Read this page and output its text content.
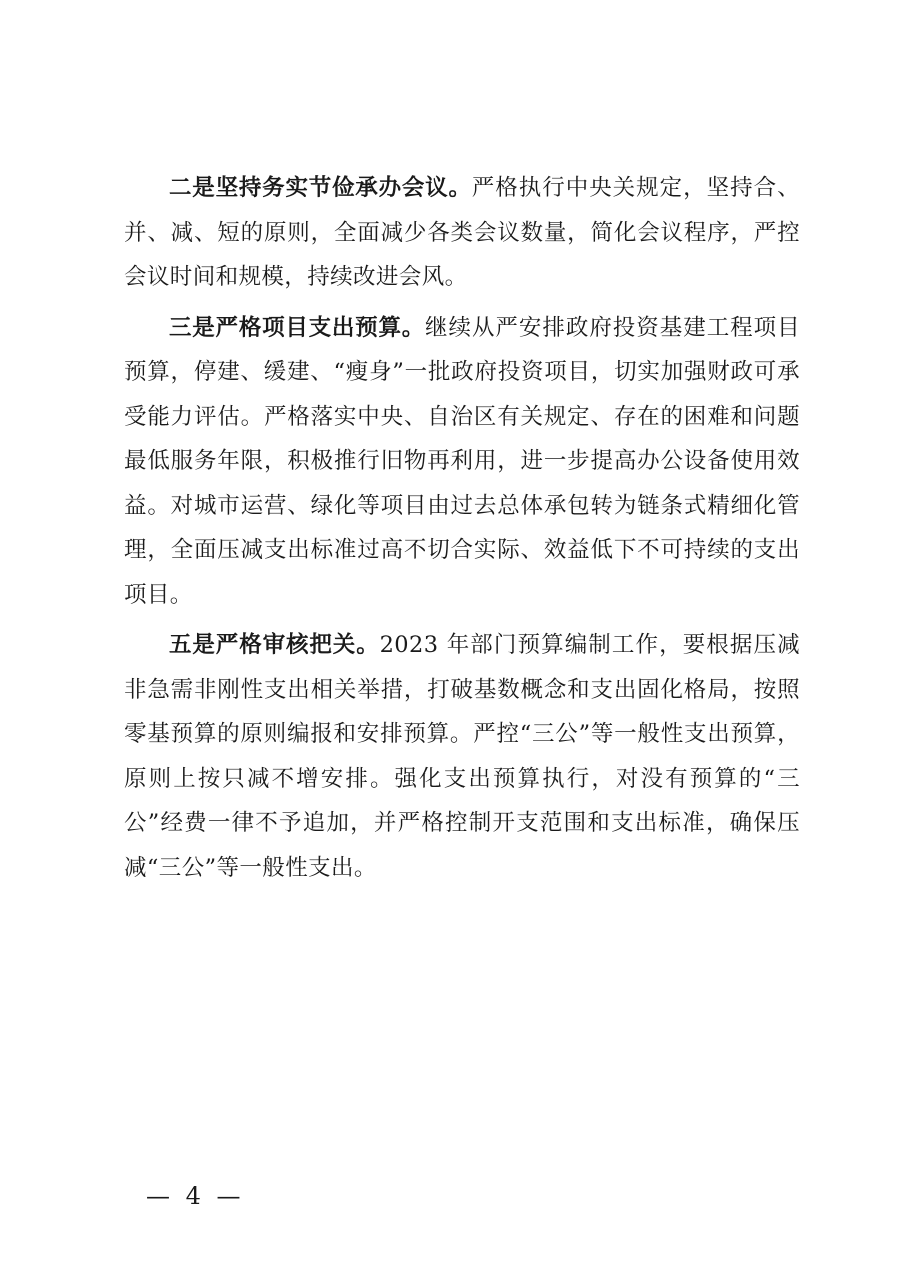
二是坚持务实节俭承办会议。严格执行中央关规定，坚持合、并、减、短的原则，全面减少各类会议数量，简化会议程序，严控会议时间和规模，持续改进会风。

三是严格项目支出预算。继续从严安排政府投资基建工程项目预算，停建、缓建、“瘦身”一批政府投资项目，切实加强财政可承受能力评估。严格落实中央、自治区有关规定、存在的困难和问题最低服务年限，积极推行旧物再利用，进一步提高办公设备使用效益。对城市运营、绿化等项目由过去总体承包转为链条式精细化管理，全面压减支出标准过高不切合实际、效益低下不可持续的支出项目。

五是严格审核把关。2023 年部门预算编制工作，要根据压减非急需非刚性支出相关举措，打破基数概念和支出固化格局，按照零基预算的原则编报和安排预算。严控“三公”等一般性支出预算，原则上按只减不增安排。强化支出预算执行，对没有预算的“三公”经费一律不予追加，并严格控制开支范围和支出标准，确保压减“三公”等一般性支出。

— 4 —
